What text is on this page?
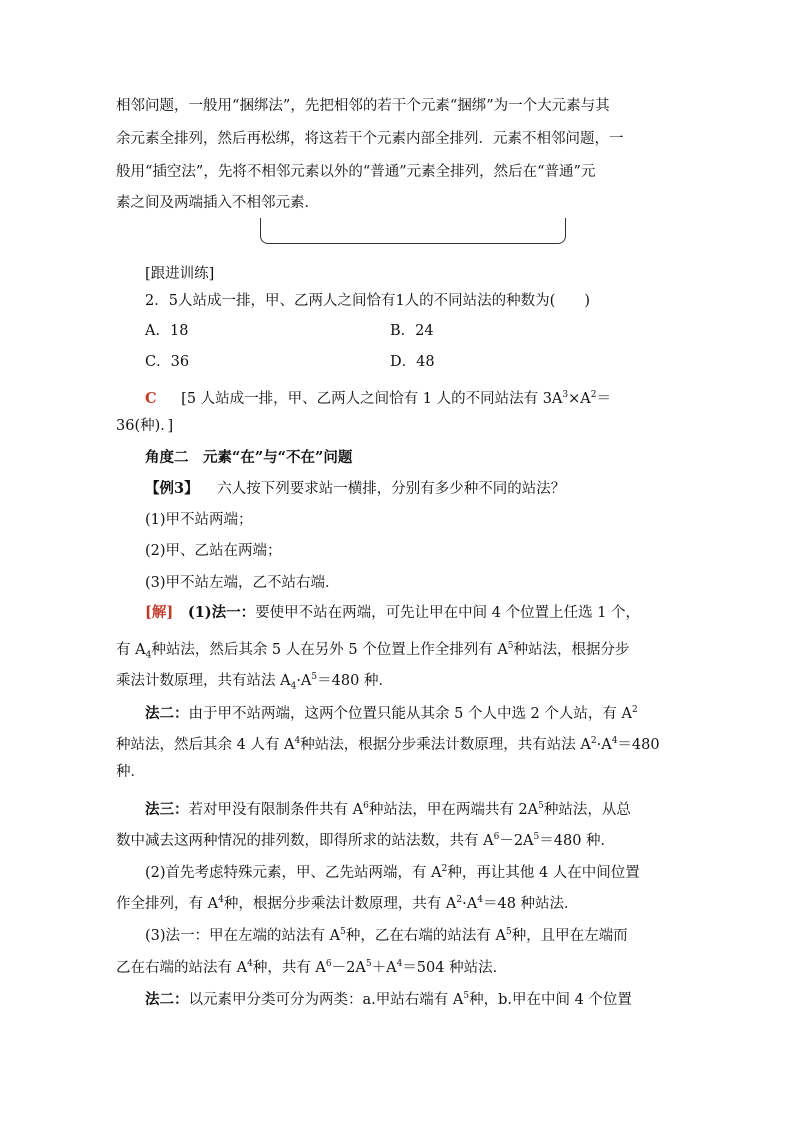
相邻问题，一般用“捆绑法”，先把相邻的若干个元素“捆绑”为一个大元素与其
余元素全排列，然后再松绑，将这若干个元素内部全排列．元素不相邻问题，一
般用“插空法”，先将不相邻元素以外的“普通”元素全排列，然后在“普通”元
素之间及两端插入不相邻元素．
[跟进训练]
2．5人站成一排，甲、乙两人之间恰有1人的不同站法的种数为(　　)
A．18	B．24
C．36	D．48
C [5 人站成一排，甲、乙两人之间恰有 1 人的不同站法有 $3A^3\times A^2=$
36(种)．]
角度二　元素“在”与“不在”问题
【例3】 六人按下列要求站一横排，分别有多少种不同的站法？
(1)甲不站两端；
(2)甲、乙站在两端；
(3)甲不站左端，乙不站右端．
[解] (1)法一：要使甲不站在两端，可先让甲在中间 4 个位置上任选 1 个，
有 $A_4$种站法，然后其余 5 人在另外 5 个位置上作全排列有 $A^5$种站法，根据分步
乘法计数原理，共有站法 $A_4\cdot A^5=480$ 种．
法二：由于甲不站两端，这两个位置只能从其余 5 个人中选 2 个人站，有 $A^2$
种站法，然后其余 4 人有 $A^4$种站法，根据分步乘法计数原理，共有站法 $A^2\cdot A^4=480$
种．
法三：若对甲没有限制条件共有 $A^6$种站法，甲在两端共有 $2A^5$种站法，从总
数中减去这两种情况的排列数，即得所求的站法数，共有 $A^6-2A^5=480$ 种．
(2)首先考虑特殊元素，甲、乙先站两端，有 $A^2$种，再让其他 4 人在中间位置
作全排列，有 $A^4$种，根据分步乘法计数原理，共有 $A^2\cdot A^4=48$ 种站法．
(3)法一：甲在左端的站法有 $A^5$种，乙在右端的站法有 $A^5$种，且甲在左端而
乙在右端的站法有 $A^4$种，共有 $A^6-2A^5+A^4=504$ 种站法．
法二：以元素甲分类可分为两类：a.甲站右端有 $A^5$种，b.甲在中间 4 个位置
